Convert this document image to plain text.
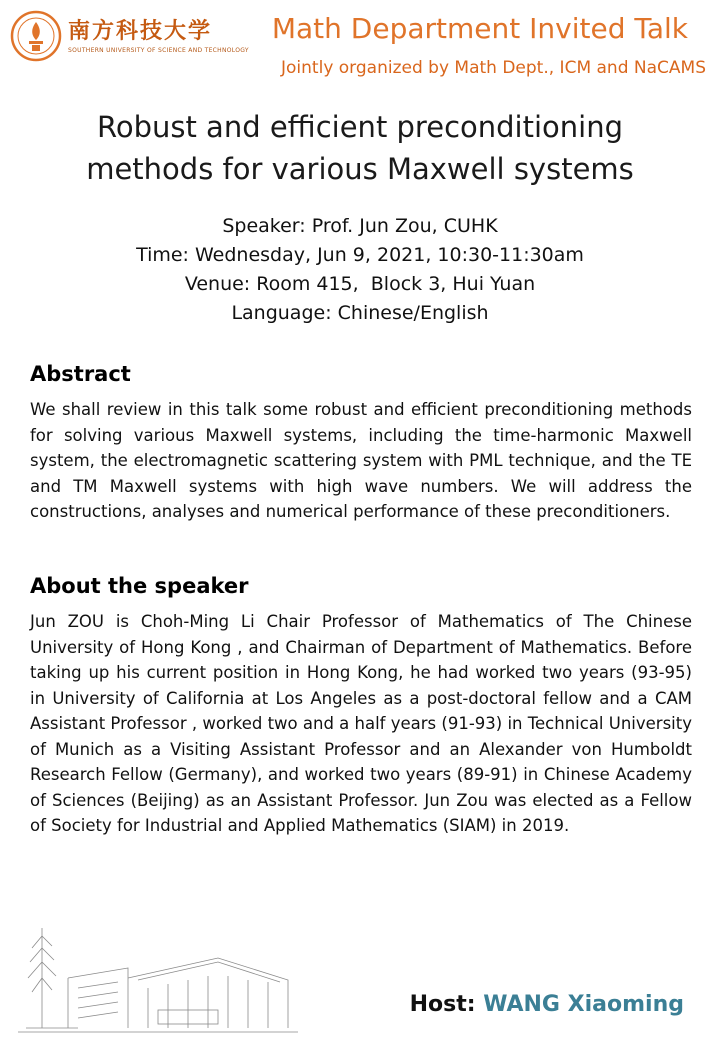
南方科技大学
SOUTHERN UNIVERSITY OF SCIENCE AND TECHNOLOGY
Math Department Invited Talk
Jointly organized by Math Dept., ICM and NaCAMS
Robust and efficient preconditioning
methods for various Maxwell systems
Speaker: Prof. Jun Zou, CUHK
Time: Wednesday, Jun 9, 2021, 10:30-11:30am
Venue: Room 415,  Block 3, Hui Yuan
Language: Chinese/English
Abstract

We shall review in this talk some robust and efficient preconditioning methods for solving various Maxwell systems, including the time-harmonic Maxwell system, the electromagnetic scattering system with PML technique, and the TE and TM Maxwell systems with high wave numbers. We will address the constructions, analyses and numerical performance of these preconditioners.

About the speaker

Jun ZOU is Choh-Ming Li Chair Professor of Mathematics of The Chinese University of Hong Kong , and Chairman of Department of Mathematics. Before taking up his current position in Hong Kong, he had worked two years (93-95) in University of California at Los Angeles as a post-doctoral fellow and a CAM Assistant Professor , worked two and a half years (91-93) in Technical University of Munich as a Visiting Assistant Professor and an Alexander von Humboldt Research Fellow (Germany), and worked two years (89-91) in Chinese Academy of Sciences (Beijing) as an Assistant Professor. Jun Zou was elected as a Fellow of Society for Industrial and Applied Mathematics (SIAM) in 2019.

Host: WANG Xiaoming
